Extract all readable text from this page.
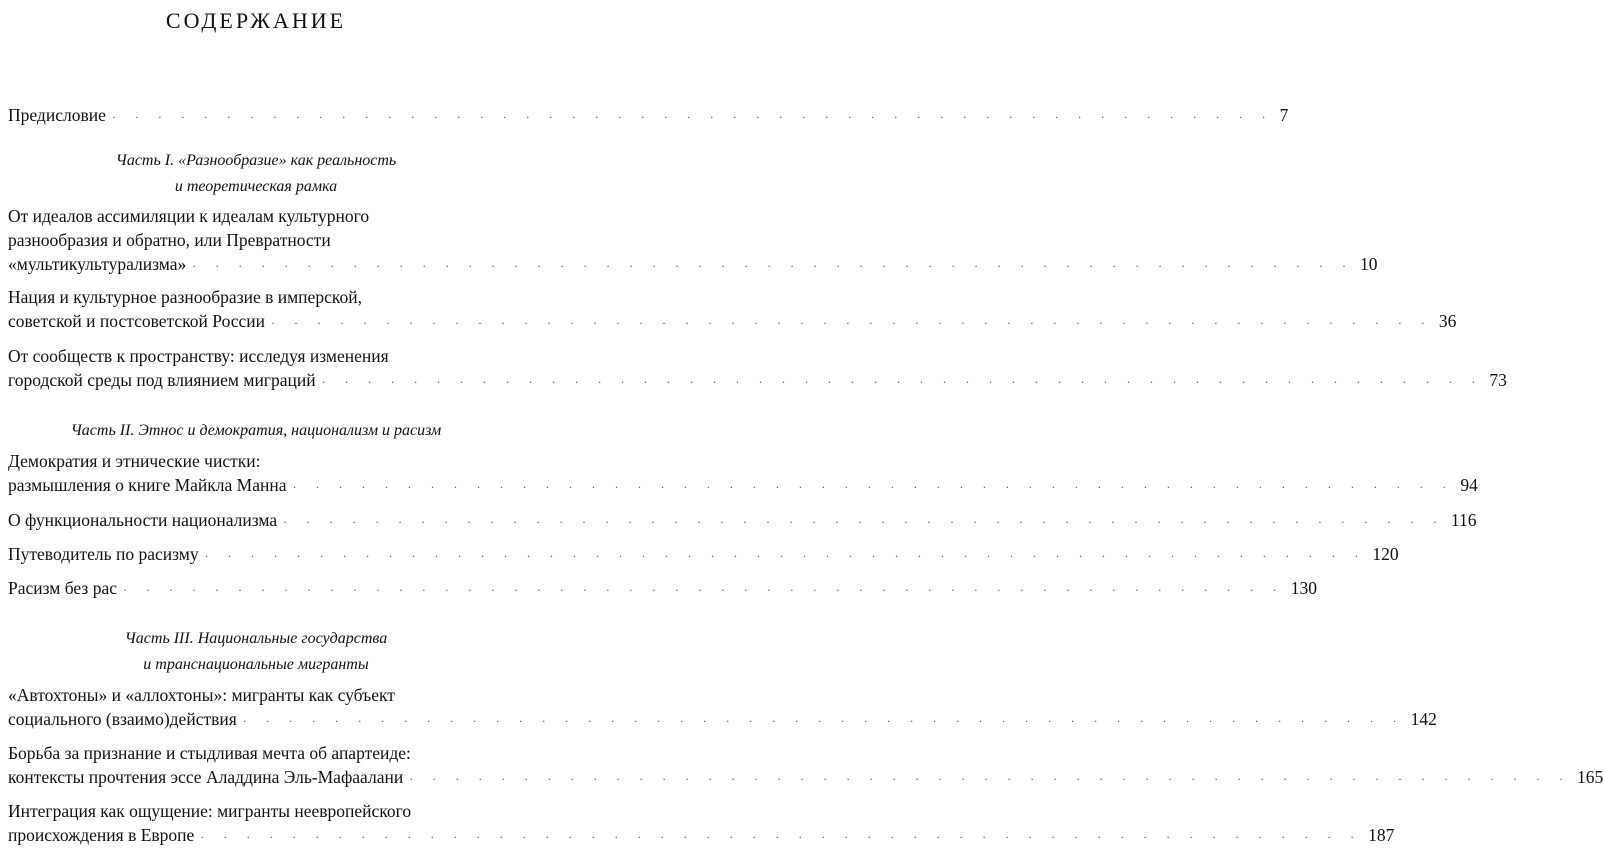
СОДЕРЖАНИЕ
Предисловие · · · · · · · · · · · · · · · · · · · · · · · · · · · · · · · · · · · · · · · · · · · · · · · · · · · 7
Часть I. «Разнообразие» как реальность
и теоретическая рамка
От идеалов ассимиляции к идеалам культурного
разнообразия и обратно, или Превратности
«мультикультурализма» · · · · · · · · · · · · · · · · · · · · · · · · · · · · · · · · · · · · · · · · · · · · · · · · · · · 10
Нация и культурное разнообразие в имперской,
советской и постсоветской России · · · · · · · · · · · · · · · · · · · · · · · · · · · · · · · · · · · · · · · · · · · · · · · · · · · 36
От сообществ к пространству: исследуя изменения
городской среды под влиянием миграций · · · · · · · · · · · · · · · · · · · · · · · · · · · · · · · · · · · · · · · · · · · · · · · · · · · 73
Часть II. Этнос и демократия, национализм и расизм
Демократия и этнические чистки:
размышления о книге Майкла Манна · · · · · · · · · · · · · · · · · · · · · · · · · · · · · · · · · · · · · · · · · · · · · · · · · · · 94
О функциональности национализма · · · · · · · · · · · · · · · · · · · · · · · · · · · · · · · · · · · · · · · · · · · · · · · · · · · 116
Путеводитель по расизму · · · · · · · · · · · · · · · · · · · · · · · · · · · · · · · · · · · · · · · · · · · · · · · · · · · 120
Расизм без рас · · · · · · · · · · · · · · · · · · · · · · · · · · · · · · · · · · · · · · · · · · · · · · · · · · · 130
Часть III. Национальные государства
и транснациональные мигранты
«Автохтоны» и «аллохтоны»: мигранты как субъект
социального (взаимо)действия · · · · · · · · · · · · · · · · · · · · · · · · · · · · · · · · · · · · · · · · · · · · · · · · · · · 142
Борьба за признание и стыдливая мечта об апартеиде:
контексты прочтения эссе Аладдина Эль-Мафаалани · · · · · · · · · · · · · · · · · · · · · · · · · · · · · · · · · · · · · · · · · · · · · · · · · · · 165
Интеграция как ощущение: мигранты неевропейского
происхождения в Европе · · · · · · · · · · · · · · · · · · · · · · · · · · · · · · · · · · · · · · · · · · · · · · · · · · · 187
